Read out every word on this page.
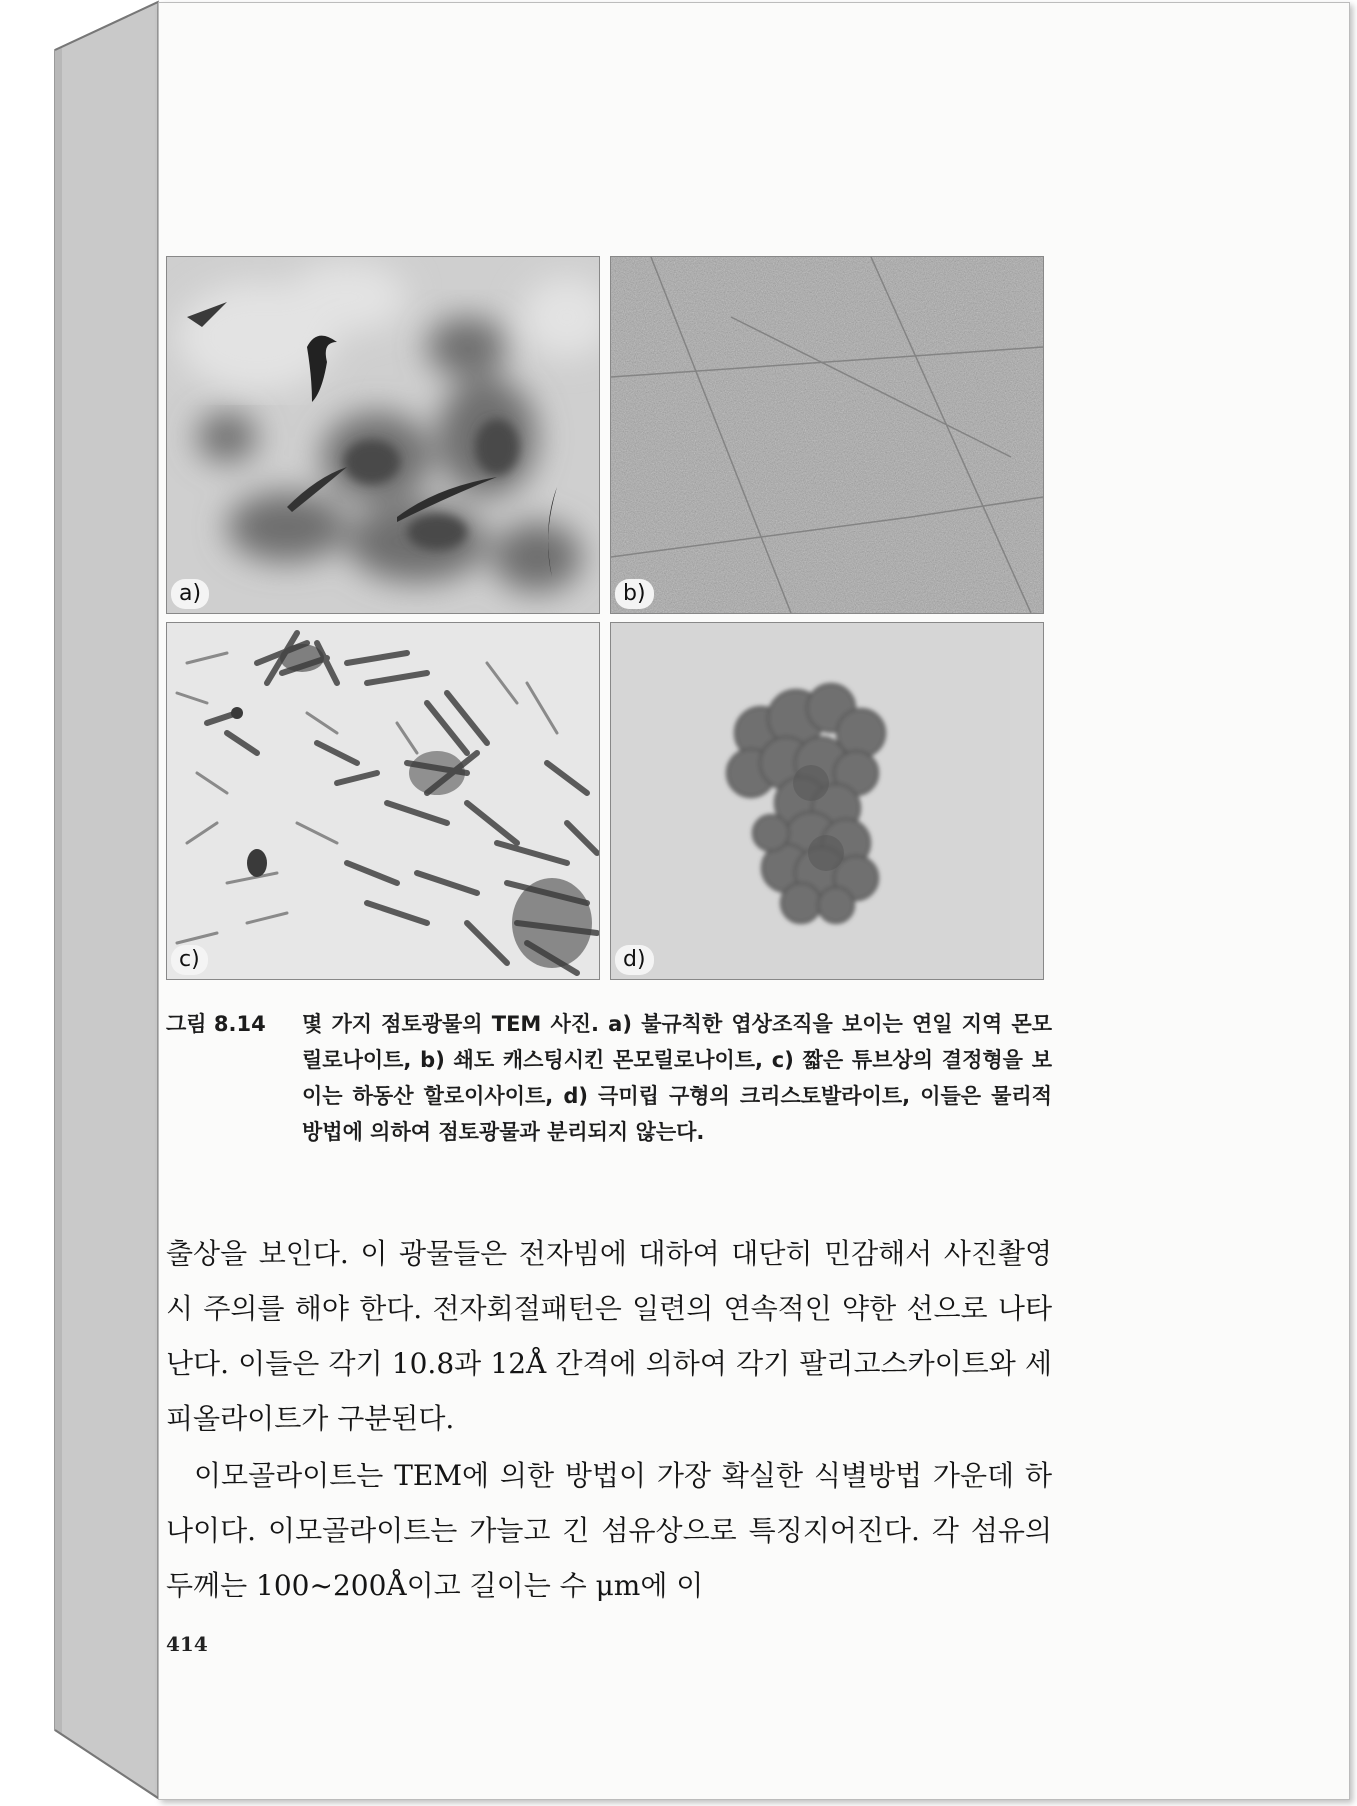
a)	b)
c)	d)
그림 8.14	몇 가지 점토광물의 TEM 사진. a) 불규칙한 엽상조직을 보이는 연일 지역 몬모릴로나이트, b) 쇄도 캐스팅시킨 몬모릴로나이트, c) 짧은 튜브상의 결정형을 보이는 하동산 할로이사이트, d) 극미립 구형의 크리스토발라이트, 이들은 물리적 방법에 의하여 점토광물과 분리되지 않는다.

출상을 보인다. 이 광물들은 전자빔에 대하여 대단히 민감해서 사진촬영시 주의를 해야 한다. 전자회절패턴은 일련의 연속적인 약한 선으로 나타난다. 이들은 각기 10.8과 12Å 간격에 의하여 각기 팔리고스카이트와 세피올라이트가 구분된다.

이모골라이트는 TEM에 의한 방법이 가장 확실한 식별방법 가운데 하나이다. 이모골라이트는 가늘고 긴 섬유상으로 특징지어진다. 각 섬유의 두께는 100~200Å이고 길이는 수 μm에 이

414
